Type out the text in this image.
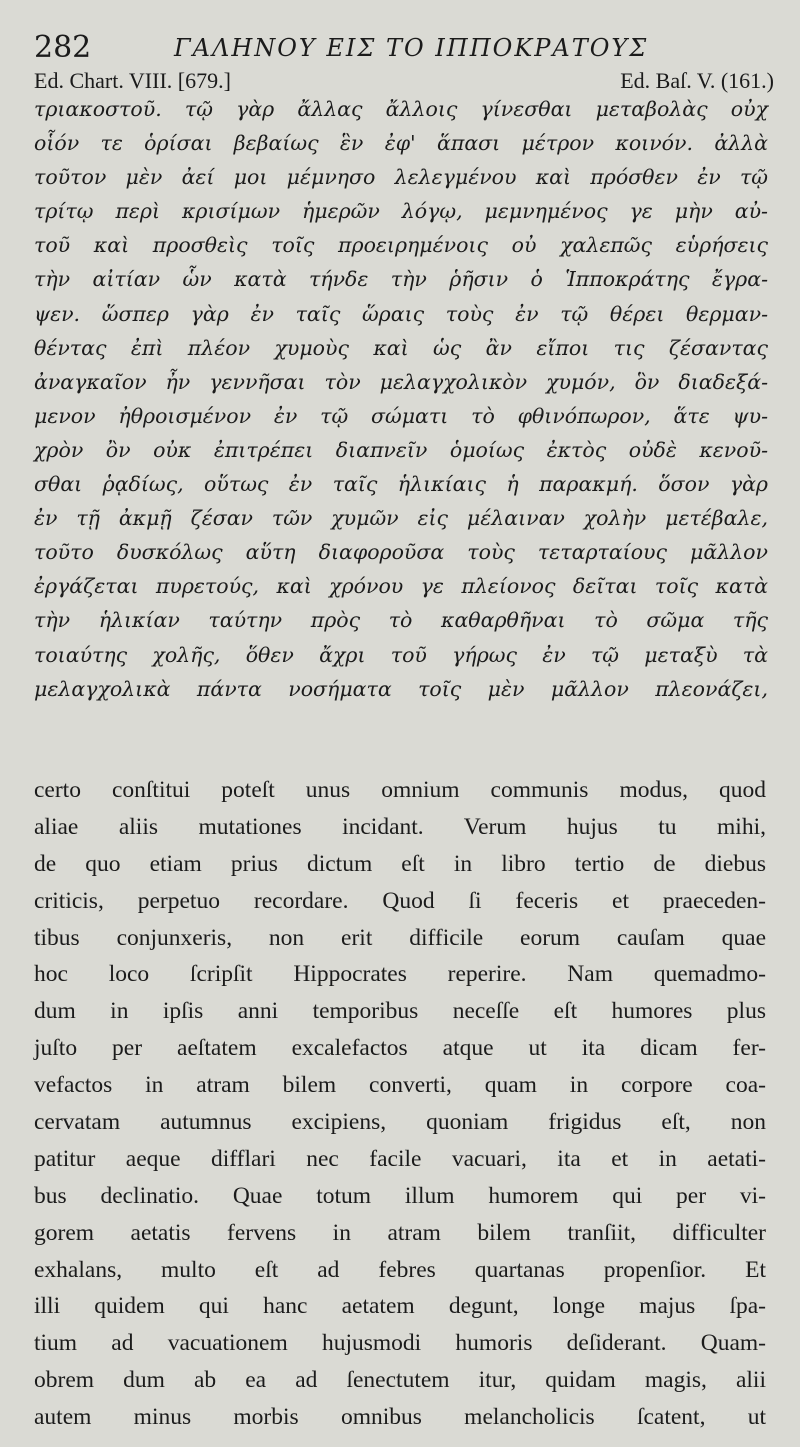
282	ΓΑΛΗΝΟΥ ΕΙΣ ΤΟ ΙΠΠΟΚΡΑΤΟΥΣ
Ed. Chart. VIII. [679.]	Ed. Baſ. V. (161.)
τριακοστοῦ. τῷ γὰρ ἄλλας ἄλλοις γίνεσθαι μεταβολὰς οὐχ
οἷόν τε ὁρίσαι βεβαίως ἓν ἐφ' ἅπασι μέτρον κοινόν. ἀλλὰ
τοῦτον μὲν ἀεί μοι μέμνησο λελεγμένου καὶ πρόσθεν ἐν τῷ
τρίτῳ περὶ κρισίμων ἡμερῶν λόγῳ, μεμνημένος γε μὴν αὐ-
τοῦ καὶ προσθεὶς τοῖς προειρημένοις οὐ χαλεπῶς εὑρήσεις
τὴν αἰτίαν ὧν κατὰ τήνδε τὴν ῥῆσιν ὁ Ἱπποκράτης ἔγρα-
ψεν. ὥσπερ γὰρ ἐν ταῖς ὥραις τοὺς ἐν τῷ θέρει θερμαν-
θέντας ἐπὶ πλέον χυμοὺς καὶ ὡς ἂν εἴποι τις ζέσαντας
ἀναγκαῖον ἦν γεννῆσαι τὸν μελαγχολικὸν χυμόν, ὃν διαδεξά-
μενον ἠθροισμένον ἐν τῷ σώματι τὸ φθινόπωρον, ἅτε ψυ-
χρὸν ὂν οὐκ ἐπιτρέπει διαπνεῖν ὁμοίως ἐκτὸς οὐδὲ κενοῦ-
σθαι ῥᾳδίως, οὕτως ἐν ταῖς ἡλικίαις ἡ παρακμή. ὅσον γὰρ
ἐν τῇ ἀκμῇ ζέσαν τῶν χυμῶν εἰς μέλαιναν χολὴν μετέβαλε,
τοῦτο δυσκόλως αὕτη διαφοροῦσα τοὺς τεταρταίους μᾶλλον
ἐργάζεται πυρετούς, καὶ χρόνου γε πλείονος δεῖται τοῖς κατὰ
τὴν ἡλικίαν ταύτην πρὸς τὸ καθαρθῆναι τὸ σῶμα τῆς
τοιαύτης χολῆς, ὅθεν ἄχρι τοῦ γήρως ἐν τῷ μεταξὺ τὰ
μελαγχολικὰ πάντα νοσήματα τοῖς μὲν μᾶλλον πλεονάζει,
certo conſtitui poteſt unus omnium communis modus, quod
aliae aliis mutationes incidant. Verum hujus tu mihi,
de quo etiam prius dictum eſt in libro tertio de diebus
criticis, perpetuo recordare. Quod ſi feceris et praeceden-
tibus conjunxeris, non erit difficile eorum cauſam quae
hoc loco ſcripſit Hippocrates reperire. Nam quemadmo-
dum in ipſis anni temporibus neceſſe eſt humores plus
juſto per aeſtatem excalefactos atque ut ita dicam fer-
vefactos in atram bilem converti, quam in corpore coa-
cervatam autumnus excipiens, quoniam frigidus eſt, non
patitur aeque difflari nec facile vacuari, ita et in aetati-
bus declinatio. Quae totum illum humorem qui per vi-
gorem aetatis fervens in atram bilem tranſiit, difficulter
exhalans, multo eſt ad febres quartanas propenſior. Et
illi quidem qui hanc aetatem degunt, longe majus ſpa-
tium ad vacuationem hujusmodi humoris deſiderant. Quam-
obrem dum ab ea ad ſenectutem itur, quidam magis, alii
autem minus morbis omnibus melancholicis ſcatent, ut
